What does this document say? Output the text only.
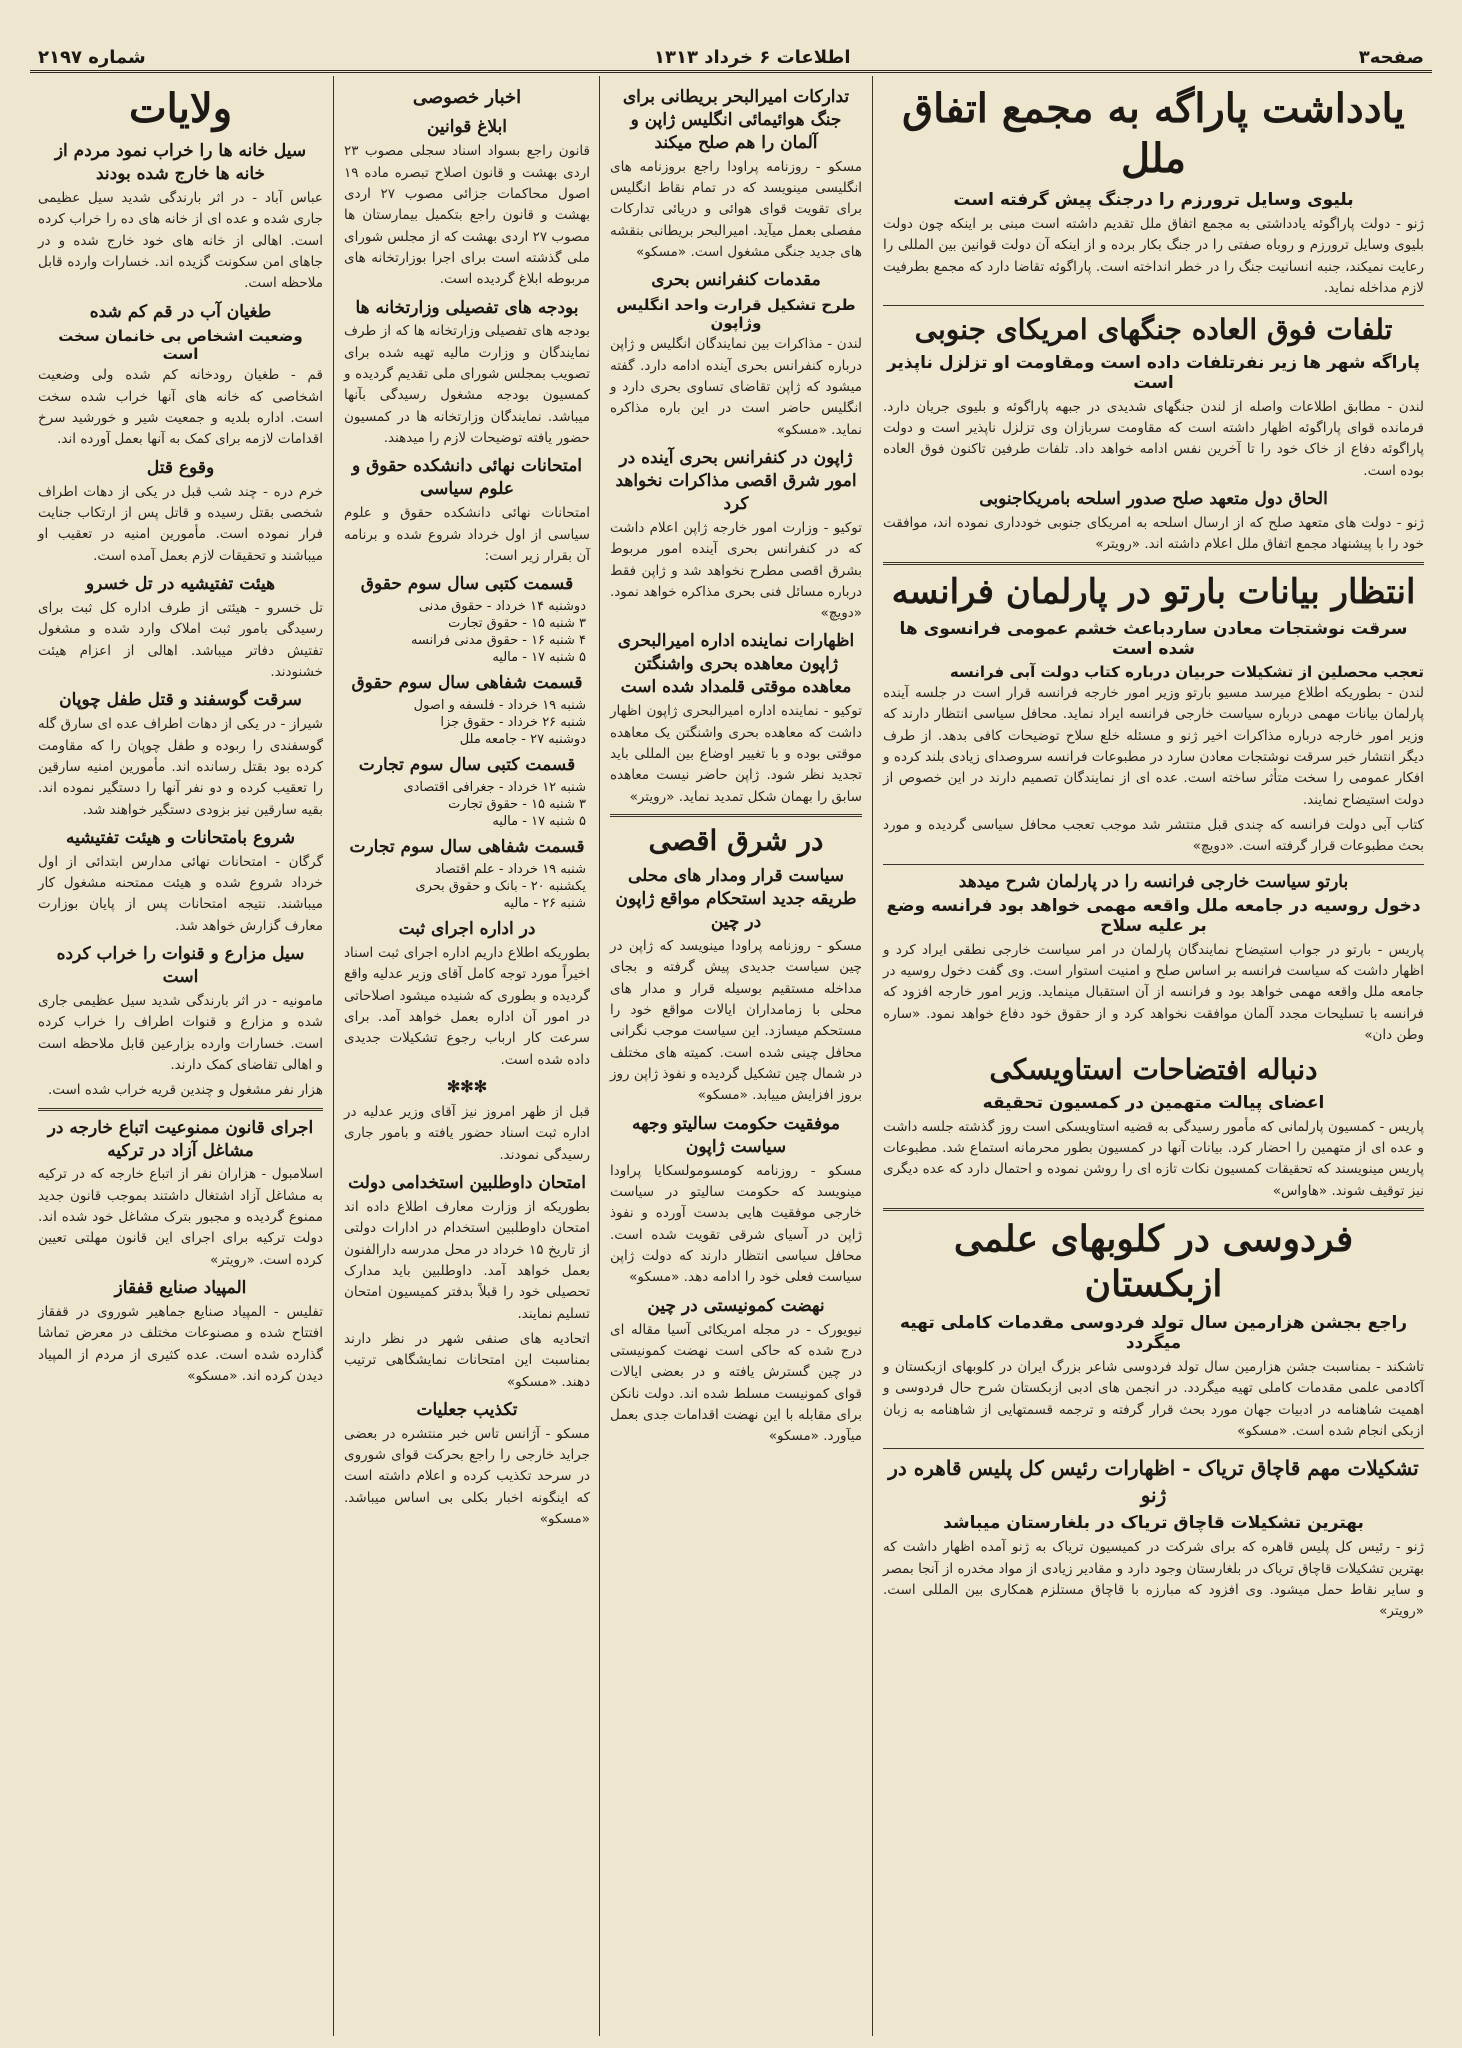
صفحه۳
اطلاعات ۶ خرداد ۱۳۱۳
شماره ۲۱۹۷
یادداشت پاراگه به مجمع اتفاق ملل
بلیوی وسایل ترورزم را درجنگ پیش گرفته است

ژنو - دولت پاراگوئه یادداشتی به مجمع اتفاق ملل تقدیم داشته است مبنی بر اینکه چون دولت بلیوی وسایل ترورزم و روباه صفتی را در جنگ بکار برده و از اینکه آن دولت قوانین بین المللی را رعایت نمیکند، جنبه انسانیت جنگ را در خطر انداخته است. پاراگوئه تقاضا دارد که مجمع بطرفیت لازم مداخله نماید.

تلفات فوق العاده جنگهای امریکای جنوبی
پاراگه شهر ها زیر نفرتلفات داده است ومقاومت او تزلزل ناپذیر است

لندن - مطابق اطلاعات واصله از لندن جنگهای شدیدی در جبهه پاراگوئه و بلیوی جریان دارد. فرمانده قوای پاراگوئه اظهار داشته است که مقاومت سربازان وی تزلزل ناپذیر است و دولت پاراگوئه دفاع از خاک خود را تا آخرین نفس ادامه خواهد داد. تلفات طرفین تاکنون فوق العاده بوده است.

الحاق دول متعهد صلح صدور اسلحه بامریکاجنوبی

ژنو - دولت های متعهد صلح که از ارسال اسلحه به امریکای جنوبی خودداری نموده اند، موافقت خود را با پیشنهاد مجمع اتفاق ملل اعلام داشته اند. «رویتر»

انتظار بیانات بارتو در پارلمان فرانسه
سرقت نوشتجات معادن ساردباعث خشم عمومی فرانسوی ها شده است
تعجب محصلین از تشکیلات حربیان درباره کتاب دولت آبی فرانسه

لندن - بطوریکه اطلاع میرسد مسیو بارتو وزیر امور خارجه فرانسه قرار است در جلسه آینده پارلمان بیانات مهمی درباره سیاست خارجی فرانسه ایراد نماید. محافل سیاسی انتظار دارند که وزیر امور خارجه درباره مذاکرات اخیر ژنو و مسئله خلع سلاح توضیحات کافی بدهد. از طرف دیگر انتشار خبر سرقت نوشتجات معادن سارد در مطبوعات فرانسه سروصدای زیادی بلند کرده و افکار عمومی را سخت متأثر ساخته است. عده ای از نمایندگان تصمیم دارند در این خصوص از دولت استیضاح نمایند.

کتاب آبی دولت فرانسه که چندی قبل منتشر شد موجب تعجب محافل سیاسی گردیده و مورد بحث مطبوعات قرار گرفته است. «دویچ»

بارتو سیاست خارجی فرانسه را در پارلمان شرح میدهد
دخول روسیه در جامعه ملل واقعه مهمی خواهد بود فرانسه وضع بر علیه سلاح

پاریس - بارتو در جواب استیضاح نمایندگان پارلمان در امر سیاست خارجی نطقی ایراد کرد و اظهار داشت که سیاست فرانسه بر اساس صلح و امنیت استوار است. وی گفت دخول روسیه در جامعه ملل واقعه مهمی خواهد بود و فرانسه از آن استقبال مینماید. وزیر امور خارجه افزود که فرانسه با تسلیحات مجدد آلمان موافقت نخواهد کرد و از حقوق خود دفاع خواهد نمود. «ساره وطن دان»

دنباله افتضاحات استاویسکی
اعضای پیالت متهمین در کمسیون تحقیقه

پاریس - کمسیون پارلمانی که مأمور رسیدگی به قضیه استاویسکی است روز گذشته جلسه داشت و عده ای از متهمین را احضار کرد. بیانات آنها در کمسیون بطور محرمانه استماع شد. مطبوعات پاریس مینویسند که تحقیقات کمسیون نکات تازه ای را روشن نموده و احتمال دارد که عده دیگری نیز توقیف شوند. «هاواس»

فردوسی در کلوبهای علمی ازبکستان
راجع بجشن هزارمین سال تولد فردوسی مقدمات کاملی تهیه میگردد

تاشکند - بمناسبت جشن هزارمین سال تولد فردوسی شاعر بزرگ ایران در کلوبهای ازبکستان و آکادمی علمی مقدمات کاملی تهیه میگردد. در انجمن های ادبی ازبکستان شرح حال فردوسی و اهمیت شاهنامه در ادبیات جهان مورد بحث قرار گرفته و ترجمه قسمتهایی از شاهنامه به زبان ازبکی انجام شده است. «مسکو»

تشکیلات مهم قاچاق تریاک - اظهارات رئیس کل پلیس قاهره در ژنو
بهترین تشکیلات قاچاق تریاک در بلغارستان میباشد

ژنو - رئیس کل پلیس قاهره که برای شرکت در کمیسیون تریاک به ژنو آمده اظهار داشت که بهترین تشکیلات قاچاق تریاک در بلغارستان وجود دارد و مقادیر زیادی از مواد مخدره از آنجا بمصر و سایر نقاط حمل میشود. وی افزود که مبارزه با قاچاق مستلزم همکاری بین المللی است. «رویتر»

تدارکات امیرالبحر بریطانی برای جنگ هوائیمائی انگلیس ژاپن و آلمان را هم صلح میکند

مسکو - روزنامه پراودا راجع بروزنامه های انگلیسی مینویسد که در تمام نقاط انگلیس برای تقویت قوای هوائی و دریائی تدارکات مفصلی بعمل میآید. امیرالبحر بریطانی بنقشه های جدید جنگی مشغول است. «مسکو»

مقدمات کنفرانس بحری
طرح تشکیل قرارت واحد انگلیس وژاپون

لندن - مذاکرات بین نمایندگان انگلیس و ژاپن درباره کنفرانس بحری آینده ادامه دارد. گفته میشود که ژاپن تقاضای تساوی بحری دارد و انگلیس حاضر است در این باره مذاکره نماید. «مسکو»

ژاپون در کنفرانس بحری آینده در امور شرق اقصی مذاکرات نخواهد کرد

توکیو - وزارت امور خارجه ژاپن اعلام داشت که در کنفرانس بحری آینده امور مربوط بشرق اقصی مطرح نخواهد شد و ژاپن فقط درباره مسائل فنی بحری مذاکره خواهد نمود. «دویچ»

اظهارات نماینده اداره امیرالبحری ژاپون معاهده بحری واشنگتن معاهده موقتی قلمداد شده است

توکیو - نماینده اداره امیرالبحری ژاپون اظهار داشت که معاهده بحری واشنگتن یک معاهده موقتی بوده و با تغییر اوضاع بین المللی باید تجدید نظر شود. ژاپن حاضر نیست معاهده سابق را بهمان شکل تمدید نماید. «رویتر»

در شرق اقصی
سیاست قرار ومدار های محلی طریقه جدید استحکام مواقع ژاپون در چین

مسکو - روزنامه پراودا مینویسد که ژاپن در چین سیاست جدیدی پیش گرفته و بجای مداخله مستقیم بوسیله قرار و مدار های محلی با زمامداران ایالات مواقع خود را مستحکم میسازد. این سیاست موجب نگرانی محافل چینی شده است. کمیته های مختلف در شمال چین تشکیل گردیده و نفوذ ژاپن روز بروز افزایش مییابد. «مسکو»

موفقیت حکومت سالیتو وجهه سیاست ژاپون

مسکو - روزنامه کومسومولسکایا پراودا مینویسد که حکومت سالیتو در سیاست خارجی موفقیت هایی بدست آورده و نفوذ ژاپن در آسیای شرقی تقویت شده است. محافل سیاسی انتظار دارند که دولت ژاپن سیاست فعلی خود را ادامه دهد. «مسکو»

نهضت کمونیستی در چین

نیویورک - در مجله امریکائی آسیا مقاله ای درج شده که حاکی است نهضت کمونیستی در چین گسترش یافته و در بعضی ایالات قوای کمونیست مسلط شده اند. دولت نانکن برای مقابله با این نهضت اقدامات جدی بعمل میآورد. «مسکو»

اخبار خصوصی
ابلاغ قوانین

قانون راجع بسواد اسناد سجلی مصوب ۲۳ اردی بهشت و قانون اصلاح تبصره ماده ۱۹ اصول محاکمات جزائی مصوب ۲۷ اردی بهشت و قانون راجع بتکمیل بیمارستان ها مصوب ۲۷ اردی بهشت که از مجلس شورای ملی گذشته است برای اجرا بوزارتخانه های مربوطه ابلاغ گردیده است.

بودجه های تفصیلی وزارتخانه ها

بودجه های تفصیلی وزارتخانه ها که از طرف نمایندگان و وزارت مالیه تهیه شده برای تصویب بمجلس شورای ملی تقدیم گردیده و کمسیون بودجه مشغول رسیدگی بآنها میباشد. نمایندگان وزارتخانه ها در کمسیون حضور یافته توضیحات لازم را میدهند.

امتحانات نهائی دانشکده حقوق و علوم سیاسی

امتحانات نهائی دانشکده حقوق و علوم سیاسی از اول خرداد شروع شده و برنامه آن بقرار زیر است:

قسمت کتبی سال سوم حقوق
دوشنبه ۱۴ خرداد - حقوق مدنی
۳ شنبه ۱۵ - حقوق تجارت
۴ شنبه ۱۶ - حقوق مدنی فرانسه
۵ شنبه ۱۷ - مالیه
قسمت شفاهی سال سوم حقوق
شنبه ۱۹ خرداد - فلسفه و اصول
شنبه ۲۶ خرداد - حقوق جزا
دوشنبه ۲۷ - جامعه ملل
قسمت کتبی سال سوم تجارت
شنبه ۱۲ خرداد - جغرافی اقتصادی
۳ شنبه ۱۵ - حقوق تجارت
۵ شنبه ۱۷ - مالیه
قسمت شفاهی سال سوم تجارت
شنبه ۱۹ خرداد - علم اقتصاد
یکشنبه ۲۰ - بانک و حقوق بحری
شنبه ۲۶ - مالیه
در اداره اجرای ثبت

بطوریکه اطلاع داریم اداره اجرای ثبت اسناد اخیراً مورد توجه کامل آقای وزیر عدلیه واقع گردیده و بطوری که شنیده میشود اصلاحاتی در امور آن اداره بعمل خواهد آمد. برای سرعت کار ارباب رجوع تشکیلات جدیدی داده شده است.

✻✻✻

قبل از ظهر امروز نیز آقای وزیر عدلیه در اداره ثبت اسناد حضور یافته و بامور جاری رسیدگی نمودند.

امتحان داوطلبین استخدامی دولت

بطوریکه از وزارت معارف اطلاع داده اند امتحان داوطلبین استخدام در ادارات دولتی از تاریخ ۱۵ خرداد در محل مدرسه دارالفنون بعمل خواهد آمد. داوطلبین باید مدارک تحصیلی خود را قبلاً بدفتر کمیسیون امتحان تسلیم نمایند.

اتحادیه های صنفی شهر در نظر دارند بمناسبت این امتحانات نمایشگاهی ترتیب دهند. «مسکو»

تکذیب جعلیات

مسکو - آژانس تاس خبر منتشره در بعضی جراید خارجی را راجع بحرکت قوای شوروی در سرحد تکذیب کرده و اعلام داشته است که اینگونه اخبار بکلی بی اساس میباشد. «مسکو»

ولایات
سیل خانه ها را خراب نمود مردم از خانه ها خارج شده بودند

عباس آباد - در اثر بارندگی شدید سیل عظیمی جاری شده و عده ای از خانه های ده را خراب کرده است. اهالی از خانه های خود خارج شده و در جاهای امن سکونت گزیده اند. خسارات وارده قابل ملاحظه است.

طغیان آب در قم کم شده
وضعیت اشخاص بی خانمان سخت است

قم - طغیان رودخانه کم شده ولی وضعیت اشخاصی که خانه های آنها خراب شده سخت است. اداره بلدیه و جمعیت شیر و خورشید سرخ اقدامات لازمه برای کمک به آنها بعمل آورده اند.

وقوع قتل

خرم دره - چند شب قبل در یکی از دهات اطراف شخصی بقتل رسیده و قاتل پس از ارتکاب جنایت فرار نموده است. مأمورین امنیه در تعقیب او میباشند و تحقیقات لازم بعمل آمده است.

هیئت تفتیشیه در تل خسرو

تل خسرو - هیئتی از طرف اداره کل ثبت برای رسیدگی بامور ثبت املاک وارد شده و مشغول تفتیش دفاتر میباشد. اهالی از اعزام هیئت خشنودند.

سرقت گوسفند و قتل طفل چوپان

شیراز - در یکی از دهات اطراف عده ای سارق گله گوسفندی را ربوده و طفل چوپان را که مقاومت کرده بود بقتل رسانده اند. مأمورین امنیه سارقین را تعقیب کرده و دو نفر آنها را دستگیر نموده اند. بقیه سارقین نیز بزودی دستگیر خواهند شد.

شروع بامتحانات و هیئت تفتیشیه

گرگان - امتحانات نهائی مدارس ابتدائی از اول خرداد شروع شده و هیئت ممتحنه مشغول کار میباشند. نتیجه امتحانات پس از پایان بوزارت معارف گزارش خواهد شد.

سیل مزارع و قنوات را خراب کرده است

مامونیه - در اثر بارندگی شدید سیل عظیمی جاری شده و مزارع و قنوات اطراف را خراب کرده است. خسارات وارده بزارعین قابل ملاحظه است و اهالی تقاضای کمک دارند.

هزار نفر مشغول و چندین قریه خراب شده است.

اجرای قانون ممنوعیت اتباع خارجه در مشاغل آزاد در ترکیه

اسلامبول - هزاران نفر از اتباع خارجه که در ترکیه به مشاغل آزاد اشتغال داشتند بموجب قانون جدید ممنوع گردیده و مجبور بترک مشاغل خود شده اند. دولت ترکیه برای اجرای این قانون مهلتی تعیین کرده است. «رویتر»

المپیاد صنایع قفقاز

تفلیس - المپیاد صنایع جماهیر شوروی در قفقاز افتتاح شده و مصنوعات مختلف در معرض تماشا گذارده شده است. عده کثیری از مردم از المپیاد دیدن کرده اند. «مسکو»
